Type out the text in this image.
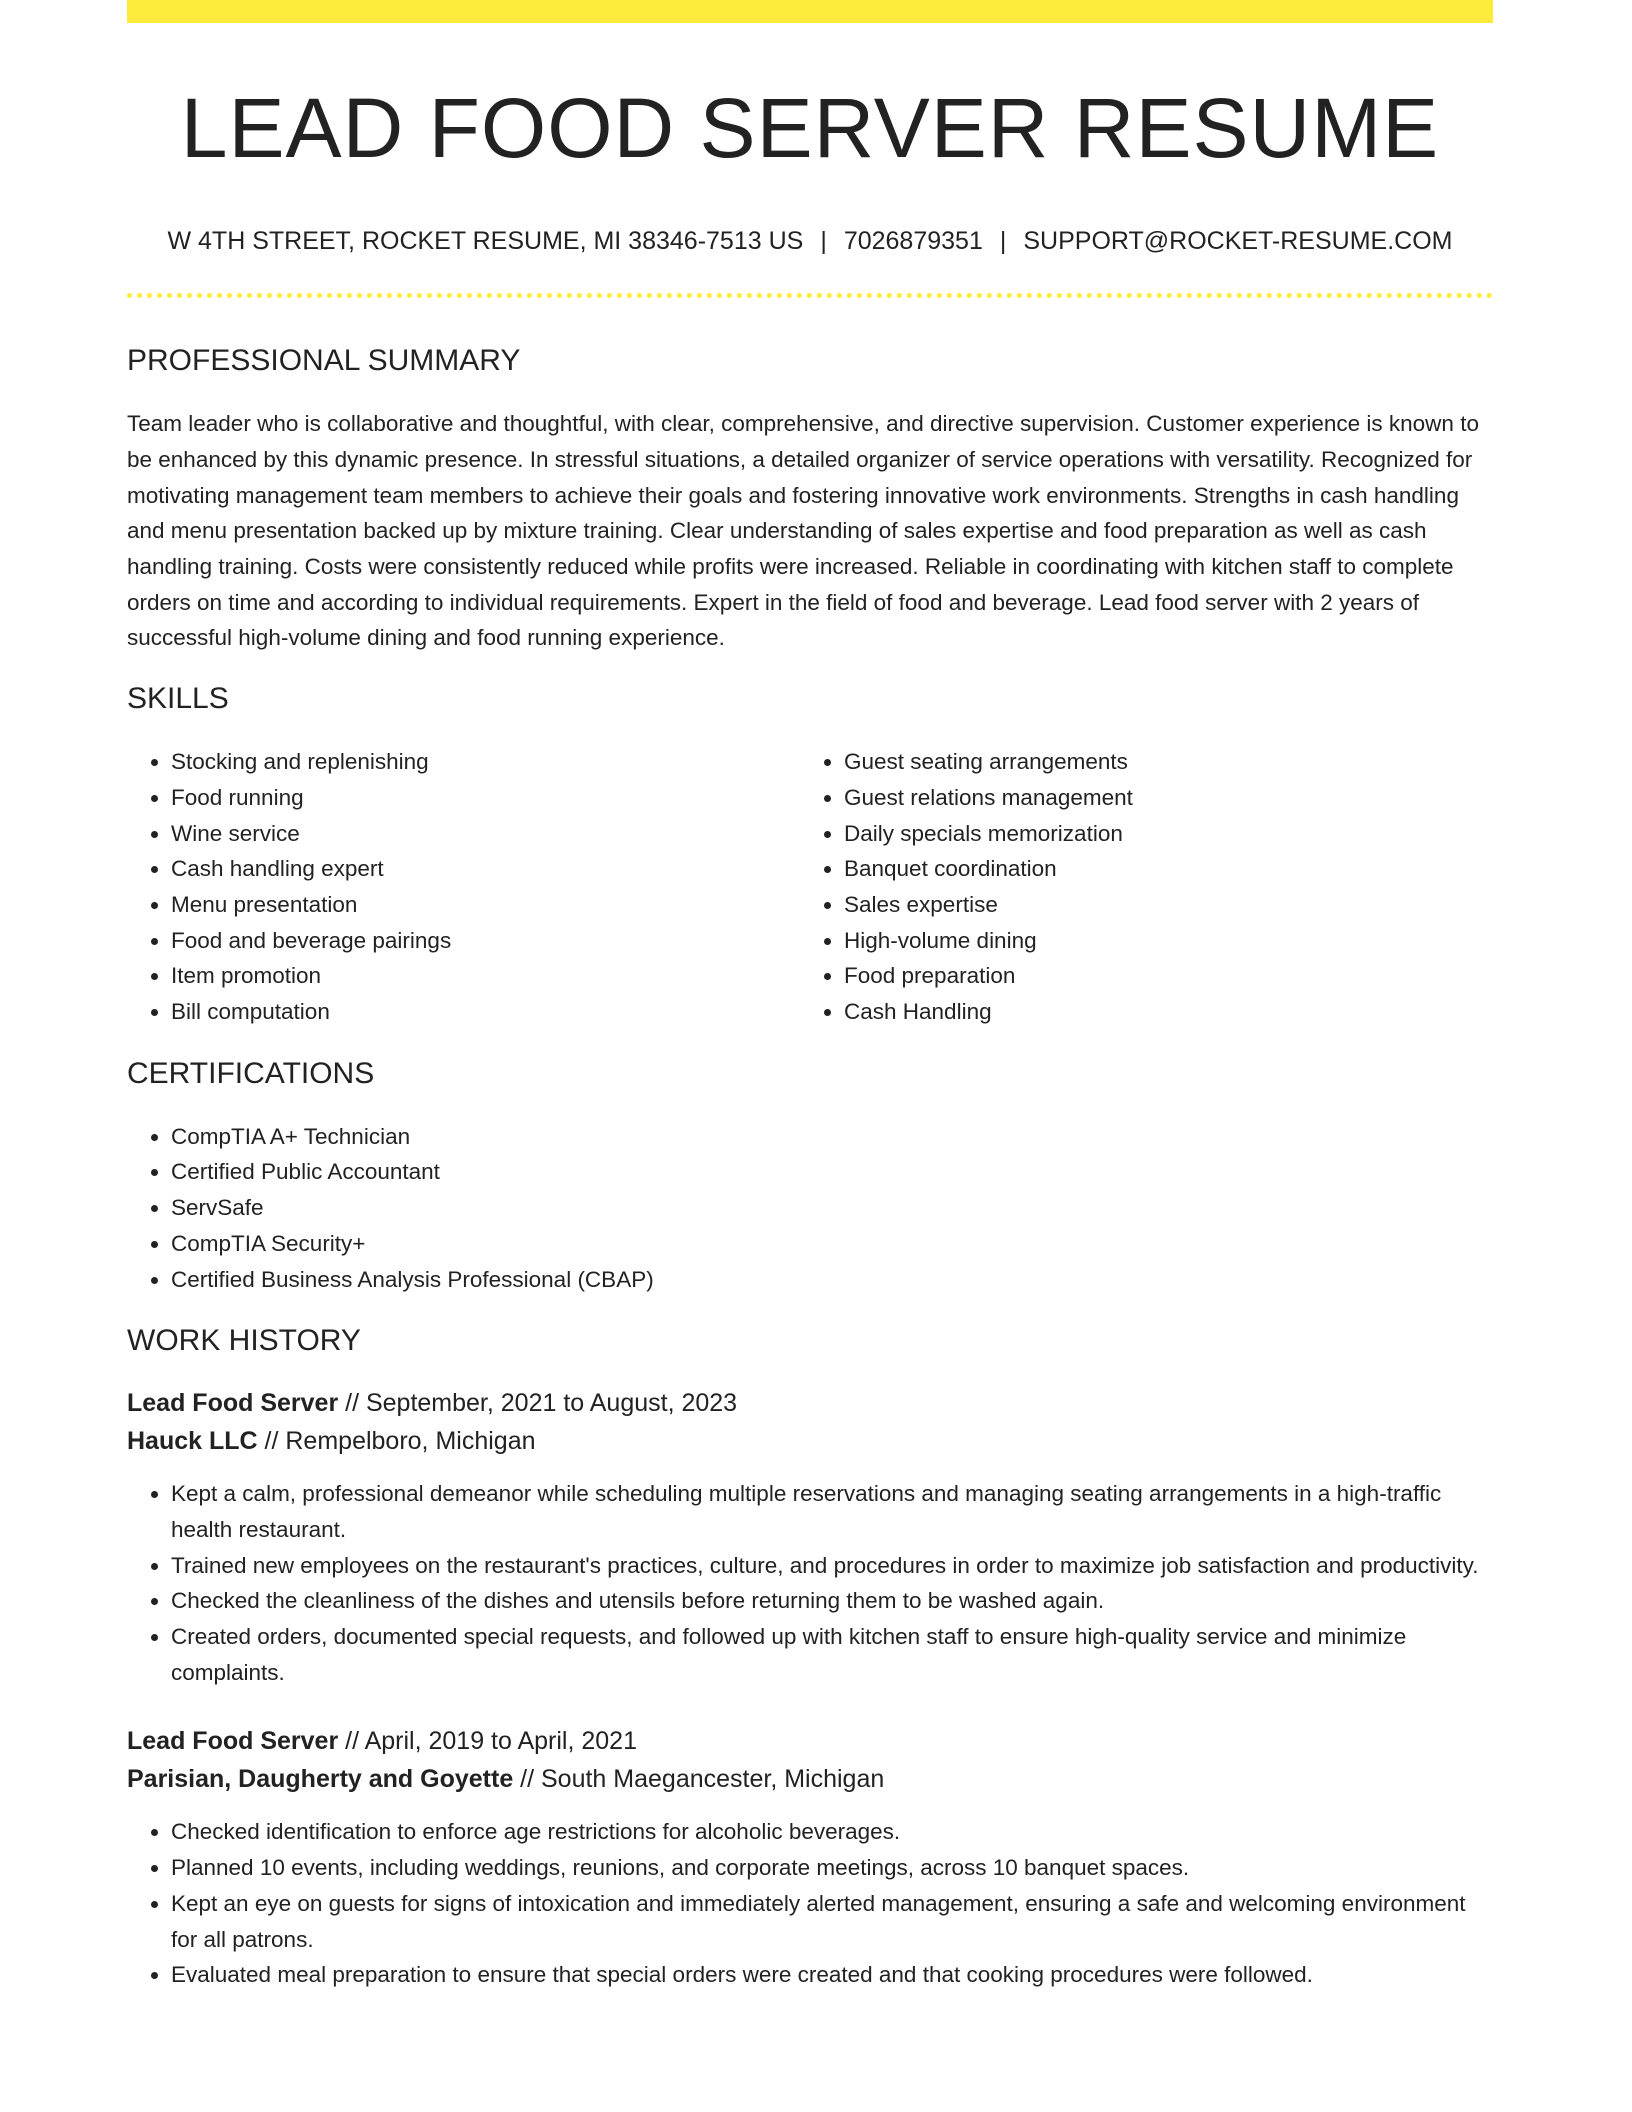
LEAD FOOD SERVER RESUME
W 4TH STREET, ROCKET RESUME, MI 38346-7513 US | 7026879351 | SUPPORT@ROCKET-RESUME.COM
PROFESSIONAL SUMMARY

Team leader who is collaborative and thoughtful, with clear, comprehensive, and directive supervision. Customer experience is known to be enhanced by this dynamic presence. In stressful situations, a detailed organizer of service operations with versatility. Recognized for motivating management team members to achieve their goals and fostering innovative work environments. Strengths in cash handling and menu presentation backed up by mixture training. Clear understanding of sales expertise and food preparation as well as cash handling training. Costs were consistently reduced while profits were increased. Reliable in coordinating with kitchen staff to complete orders on time and according to individual requirements. Expert in the field of food and beverage. Lead food server with 2 years of successful high-volume dining and food running experience.

SKILLS
• Stocking and replenishing
• Food running
• Wine service
• Cash handling expert
• Menu presentation
• Food and beverage pairings
• Item promotion
• Bill computation
• Guest seating arrangements
• Guest relations management
• Daily specials memorization
• Banquet coordination
• Sales expertise
• High-volume dining
• Food preparation
• Cash Handling
CERTIFICATIONS
• CompTIA A+ Technician
• Certified Public Accountant
• ServSafe
• CompTIA Security+
• Certified Business Analysis Professional (CBAP)
WORK HISTORY
Lead Food Server // September, 2021 to August, 2023
Hauck LLC // Rempelboro, Michigan
• Kept a calm, professional demeanor while scheduling multiple reservations and managing seating arrangements in a high-traffic health restaurant.
• Trained new employees on the restaurant's practices, culture, and procedures in order to maximize job satisfaction and productivity.
• Checked the cleanliness of the dishes and utensils before returning them to be washed again.
• Created orders, documented special requests, and followed up with kitchen staff to ensure high-quality service and minimize complaints.
Lead Food Server // April, 2019 to April, 2021
Parisian, Daugherty and Goyette // South Maegancester, Michigan
• Checked identification to enforce age restrictions for alcoholic beverages.
• Planned 10 events, including weddings, reunions, and corporate meetings, across 10 banquet spaces.
• Kept an eye on guests for signs of intoxication and immediately alerted management, ensuring a safe and welcoming environment for all patrons.
• Evaluated meal preparation to ensure that special orders were created and that cooking procedures were followed.
